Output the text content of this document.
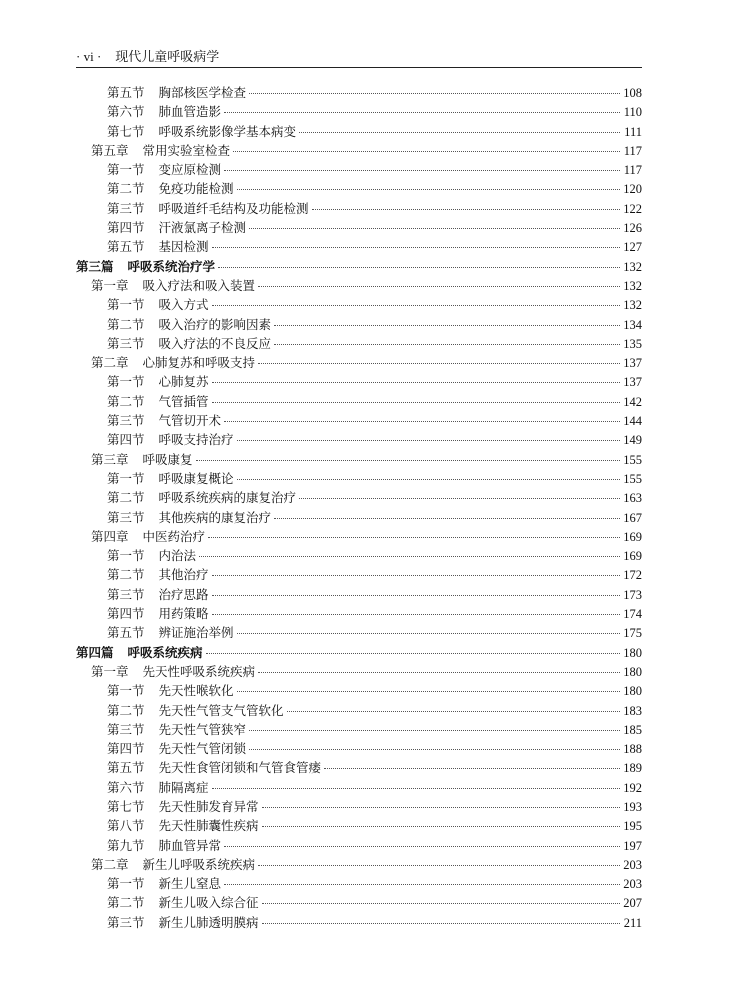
· vi · 现代儿童呼吸病学
第五节 胸部核医学检查	108
第六节 肺血管造影	110
第七节 呼吸系统影像学基本病变	111
第五章 常用实验室检查	117
第一节 变应原检测	117
第二节 免疫功能检测	120
第三节 呼吸道纤毛结构及功能检测	122
第四节 汗液氯离子检测	126
第五节 基因检测	127
第三篇 呼吸系统治疗学	132
第一章 吸入疗法和吸入装置	132
第一节 吸入方式	132
第二节 吸入治疗的影响因素	134
第三节 吸入疗法的不良反应	135
第二章 心肺复苏和呼吸支持	137
第一节 心肺复苏	137
第二节 气管插管	142
第三节 气管切开术	144
第四节 呼吸支持治疗	149
第三章 呼吸康复	155
第一节 呼吸康复概论	155
第二节 呼吸系统疾病的康复治疗	163
第三节 其他疾病的康复治疗	167
第四章 中医药治疗	169
第一节 内治法	169
第二节 其他治疗	172
第三节 治疗思路	173
第四节 用药策略	174
第五节 辨证施治举例	175
第四篇 呼吸系统疾病	180
第一章 先天性呼吸系统疾病	180
第一节 先天性喉软化	180
第二节 先天性气管支气管软化	183
第三节 先天性气管狭窄	185
第四节 先天性气管闭锁	188
第五节 先天性食管闭锁和气管食管瘘	189
第六节 肺隔离症	192
第七节 先天性肺发育异常	193
第八节 先天性肺囊性疾病	195
第九节 肺血管异常	197
第二章 新生儿呼吸系统疾病	203
第一节 新生儿窒息	203
第二节 新生儿吸入综合征	207
第三节 新生儿肺透明膜病	211
